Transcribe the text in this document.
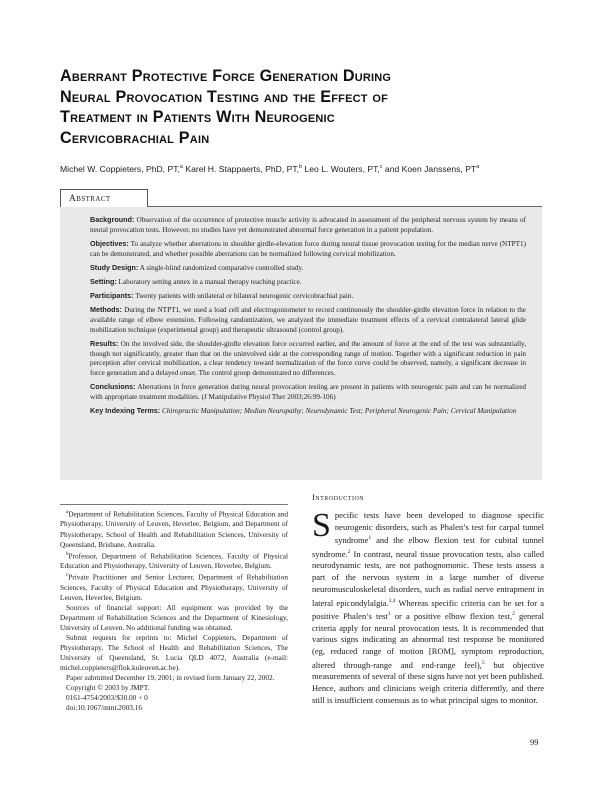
Aberrant Protective Force Generation During
Neural Provocation Testing and the Effect of
Treatment in Patients With Neurogenic
Cervicobrachial Pain
Michel W. Coppieters, PhD, PT,$^a$ Karel H. Stappaerts, PhD, PT,$^b$ Leo L. Wouters, PT,$^c$ and Koen Janssens, $PT^a$
Abstract

Background: Observation of the occurrence of protective muscle activity is advocated in assessment of the peripheral nervous system by means of neural provocation tests. However, no studies have yet demonstrated abnormal force generation in a patient population.

Objectives: To analyze whether aberrations in shoulder girdle-elevation force during neural tissue provocation testing for the median nerve (NTPT1) can be demonstrated, and whether possible aberrations can be normalized following cervical mobilization.

Study Design: A single-blind randomized comparative controlled study.

Setting: Laboratory setting annex in a manual therapy teaching practice.

Participants: Twenty patients with unilateral or bilateral neurogenic cervicobrachial pain.

Methods: During the NTPT1, we used a load cell and electrogoniometer to record continuously the shoulder-girdle elevation force in relation to the available range of elbow extension. Following randomization, we analyzed the immediate treatment effects of a cervical contralateral lateral glide mobilization technique (experimental group) and therapeutic ultrasound (control group).

Results: On the involved side, the shoulder-girdle elevation force occurred earlier, and the amount of force at the end of the test was substantially, though not significantly, greater than that on the uninvolved side at the corresponding range of motion. Together with a significant reduction in pain perception after cervical mobilization, a clear tendency toward normalization of the force curve could be observed, namely, a significant decrease in force generation and a delayed onset. The control group demonstrated no differences.

Conclusions: Aberrations in force generation during neural provocation testing are present in patients with neurogenic pain and can be normalized with appropriate treatment modalities. (J Manipulative Physiol Ther 2003;26:99-106)

Key Indexing Terms: Chiropractic Manipulation; Median Neuropathy; Neurodynamic Test; Peripheral Neurogenic Pain; Cervical Manipulation

$^a$Department of Rehabilitation Sciences, Faculty of Physical Education and Physiotherapy, University of Leuven, Heverlee, Belgium, and Department of Physiotherapy, School of Health and Rehabilitation Sciences, University of Queensland, Brisbane, Australia.

$^b$Professor, Department of Rehabilitation Sciences, Faculty of Physical Education and Physiotherapy, University of Leuven, Heverlee, Belgium.

$^c$Private Practitioner and Senior Lecturer, Department of Rehabilitation Sciences, Faculty of Physical Education and Physiotherapy, University of Leuven, Heverlee, Belgium.

Sources of financial support: All equipment was provided by the Department of Rehabilitation Sciences and the Department of Kinesiology, University of Leuven. No additional funding was obtained.

Submit requests for reprints to: Michel Coppieters, Department of Physiotherapy, The School of Health and Rehabilitation Sciences, The University of Queensland, St. Lucia QLD 4072, Australia (e-mail: michel.coppieters@flok.kuleuven.ac.be).

Paper submitted December 19, 2001; in revised form January 22, 2002.

Copyright © 2003 by JMPT.

0161-4754/2003/$30.00 + 0

doi:10.1067/mmt.2003.16

Introduction
Specific tests have been developed to diagnose specific neurogenic disorders, such as Phalen’s test for carpal tunnel syndrome$^1$ and the elbow flexion test for cubital tunnel syndrome.$^2$ In contrast, neural tissue provocation tests, also called neurodynamic tests, are not pathognomonic. These tests assess a part of the nervous system in a large number of diverse neuromusculoskeletal disorders, such as radial nerve entrapment in lateral epicondylalgia.$^{3,4}$ Whereas specific criteria can be set for a positive Phalen’s test$^1$ or a positive elbow flexion test,$^2$ general criteria apply for neural provocation tests. It is recommended that various signs indicating an abnormal test response be monitored (eg, reduced range of motion [ROM], symptom reproduction, altered through-range and end-range feel),$^5$ but objective measurements of several of these signs have not yet been published. Hence, authors and clinicians weigh criteria differently, and there still is insufficient consensus as to what principal signs to monitor.
99
